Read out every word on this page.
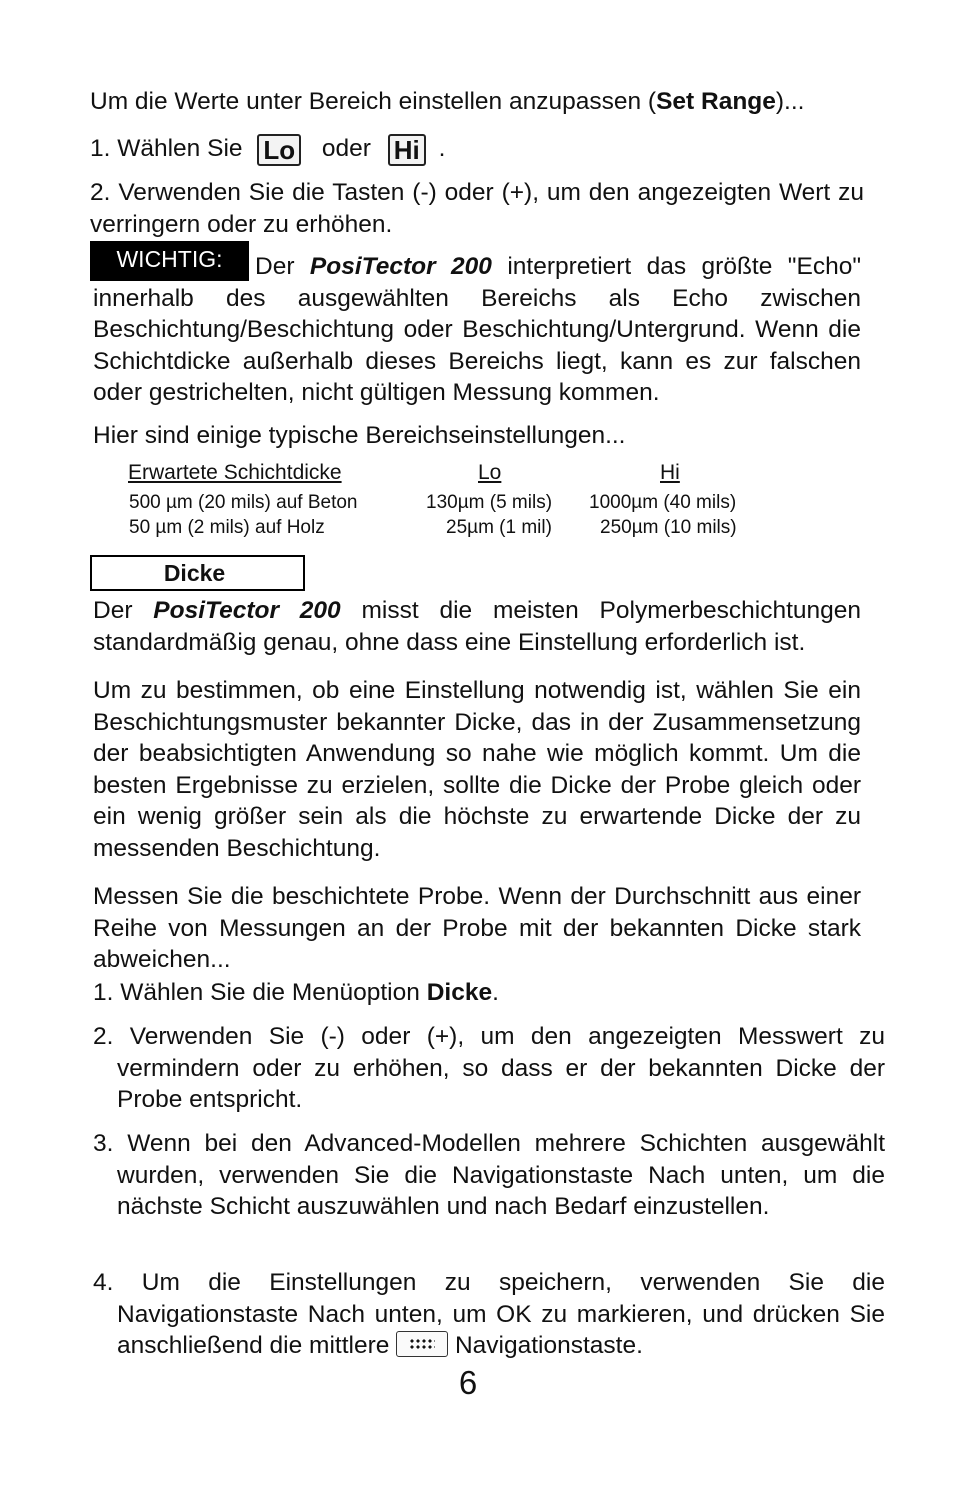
Um die Werte unter Bereich einstellen anzupassen (Set Range)...

1. Wählen Sie Lo oder Hi .

2. Verwenden Sie die Tasten (-) oder (+), um den angezeigten Wert zu verringern oder zu erhöhen.

WICHTIG:	Der PosiTector 200 interpretiert das größte "Echo" innerhalb des ausgewählten Bereichs als Echo zwischen Beschichtung/Beschichtung oder Beschichtung/Untergrund. Wenn die Schichtdicke außerhalb dieses Bereichs liegt, kann es zur falschen oder gestrichelten, nicht gültigen Messung kommen.

Hier sind einige typische Bereichseinstellungen...

Erwartete Schichtdicke	Lo	Hi
500 µm (20 mils) auf Beton	130µm (5 mils) 1000µm (40 mils)
50 µm (2 mils) auf Holz	25µm (1 mil)	250µm (10 mils)
Dicke

Der PosiTector 200 misst die meisten Polymerbeschichtungen standardmäßig genau, ohne dass eine Einstellung erforderlich ist.

Um zu bestimmen, ob eine Einstellung notwendig ist, wählen Sie ein Beschichtungsmuster bekannter Dicke, das in der Zusammensetzung der beabsichtigten Anwendung so nahe wie möglich kommt. Um die besten Ergebnisse zu erzielen, sollte die Dicke der Probe gleich oder ein wenig größer sein als die höchste zu erwartende Dicke der zu messenden Beschichtung.

Messen Sie die beschichtete Probe. Wenn der Durchschnitt aus einer Reihe von Messungen an der Probe mit der bekannten Dicke stark abweichen...

1. Wählen Sie die Menüoption Dicke.

2. Verwenden Sie (-) oder (+), um den angezeigten Messwert zu vermindern oder zu erhöhen, so dass er der bekannten Dicke der Probe entspricht.

3. Wenn bei den Advanced-Modellen mehrere Schichten ausgewählt wurden, verwenden Sie die Navigationstaste Nach unten, um die nächste Schicht auszuwählen und nach Bedarf einzustellen.

4. Um die Einstellungen zu speichern, verwenden Sie die Navigationstaste Nach unten, um OK zu markieren, und drücken Sie anschließend die mittlere	Navigationstaste.

6
